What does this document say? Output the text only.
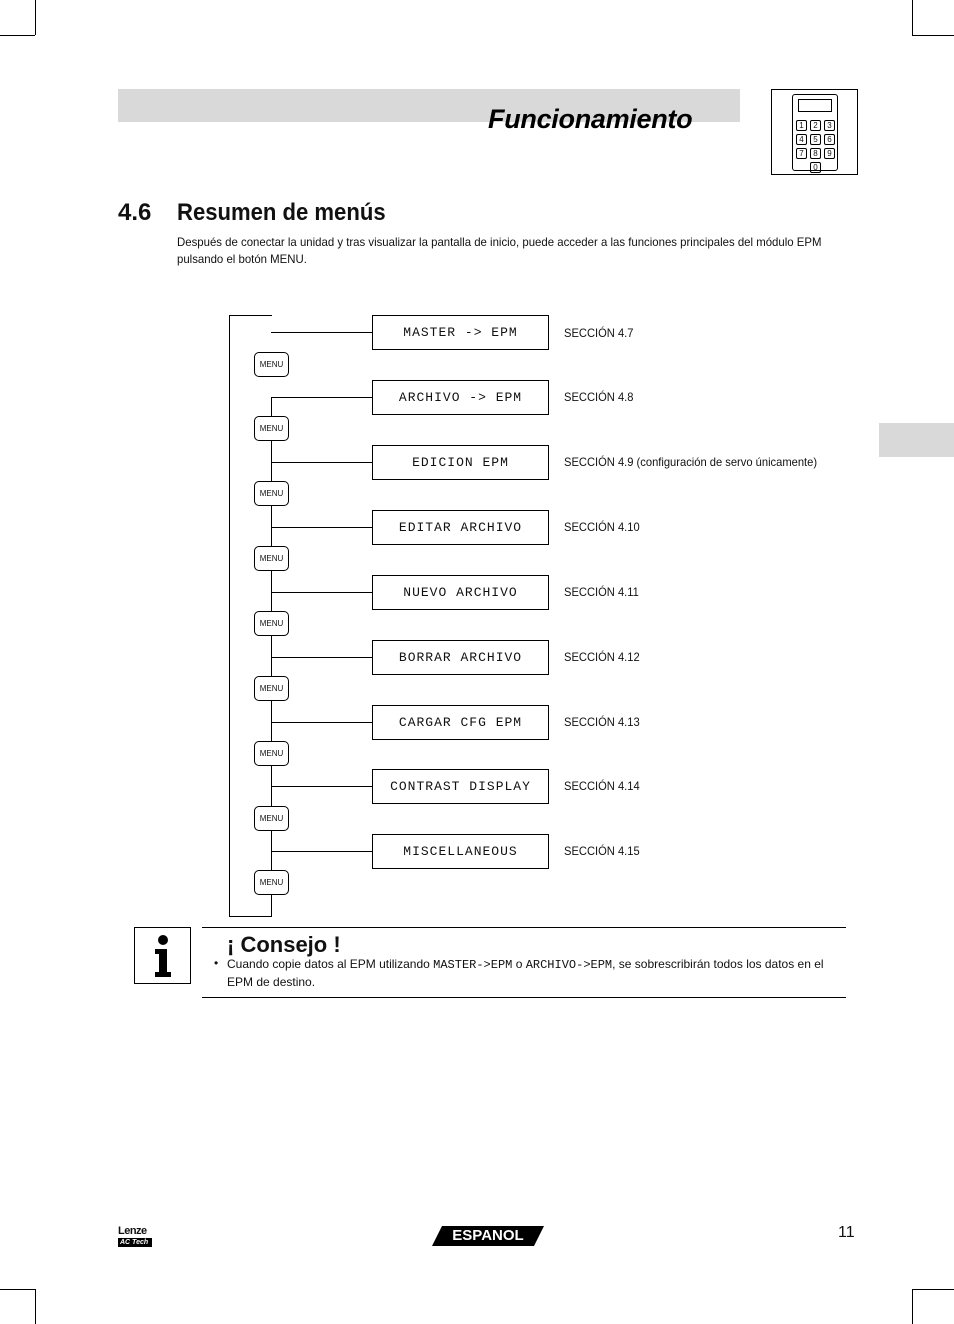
Funcionamiento	1	2	3
4	5	6
7	8	9
0
4.6 Resumen de menús
Después de conectar la unidad y tras visualizar la pantalla de inicio, puede acceder a las funciones principales del módulo EPM pulsando el botón MENU.
MENU
MENU
MENU
MENU
MENU
MENU
MENU
MENU
MENU
MASTER -> EPM
ARCHIVO -> EPM
EDICION EPM
EDITAR ARCHIVO
NUEVO ARCHIVO
BORRAR ARCHIVO
CARGAR CFG EPM
CONTRAST DISPLAY
MISCELLANEOUS
SECCIÓN 4.7
SECCIÓN 4.8
SECCIÓN 4.9 (configuración de servo únicamente)
SECCIÓN 4.10
SECCIÓN 4.11
SECCIÓN 4.12
SECCIÓN 4.13
SECCIÓN 4.14
SECCIÓN 4.15
¡ Consejo !
• Cuando copie datos al EPM utilizando MASTER->EPM o ARCHIVO->EPM, se sobrescribirán todos los datos en el EPM de destino.
Lenze
AC Tech	ESPANOL	11
